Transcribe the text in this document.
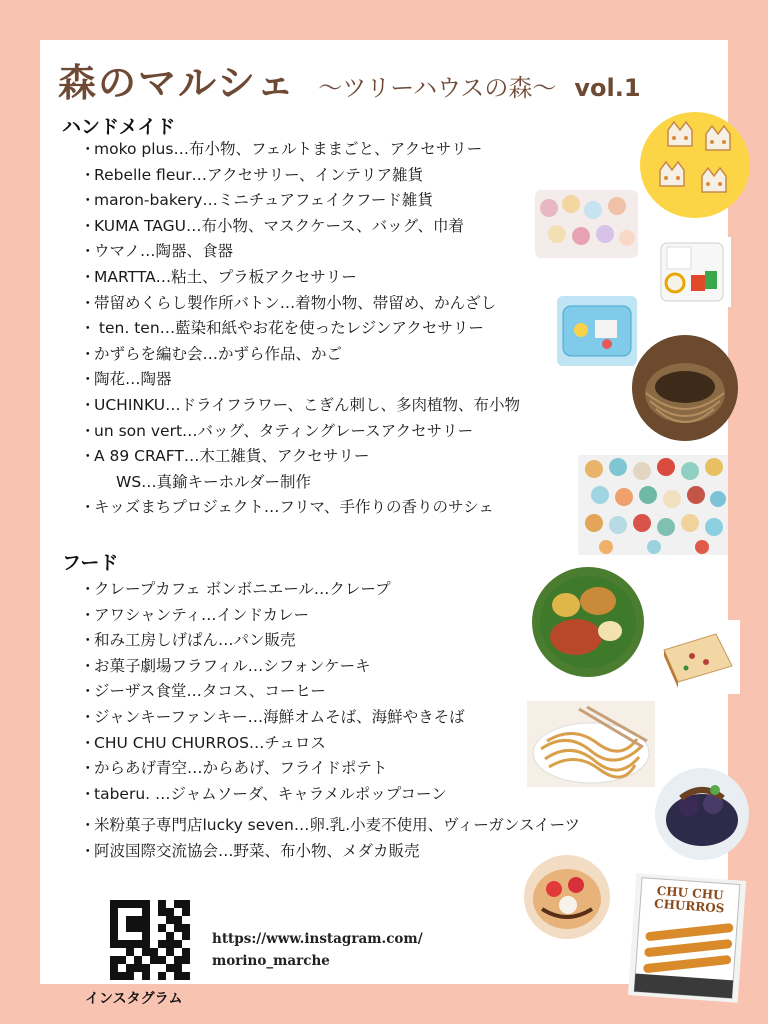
森のマルシェ 〜ツリーハウスの森〜 vol.1
ハンドメイド
・moko plus…布小物、フェルトままごと、アクセサリー
・Rebelle fleur…アクセサリー、インテリア雑貨
・maron-bakery…ミニチュアフェイクフード雑貨
・KUMA TAGU…布小物、マスクケース、バッグ、巾着
・ウマノ…陶器、食器
・MARTTA…粘土、プラ板アクセサリー
・帯留めくらし製作所バトン…着物小物、帯留め、かんざし
・ ten. ten…藍染和紙やお花を使ったレジンアクセサリー
・かずらを編む会…かずら作品、かご
・陶花…陶器
・UCHINKU…ドライフラワー、こぎん刺し、多肉植物、布小物
・un son vert…バッグ、タティングレースアクセサリー
・A 89 CRAFT…木工雑貨、アクセサリー
WS…真鍮キーホルダー制作
・キッズまちプロジェクト…フリマ、手作りの香りのサシェ
フード
・クレープカフェ ボンボニエール…クレープ
・アワシャンティ…インドカレー
・和み工房しげぱん…パン販売
・お菓子劇場フラフィル…シフォンケーキ
・ジーザス食堂…タコス、コーヒー
・ジャンキーファンキー…海鮮オムそば、海鮮やきそば
・CHU CHU CHURROS…チュロス
・からあげ青空…からあげ、フライドポテト
・taberu. …ジャムソーダ、キャラメルポップコーン
・米粉菓子専門店lucky seven…卵.乳.小麦不使用、ヴィーガンスイーツ
・阿波国際交流協会…野菜、布小物、メダカ販売
インスタグラム
https://www.instagram.com/
morino_marche
CHU CHU CHURROS
